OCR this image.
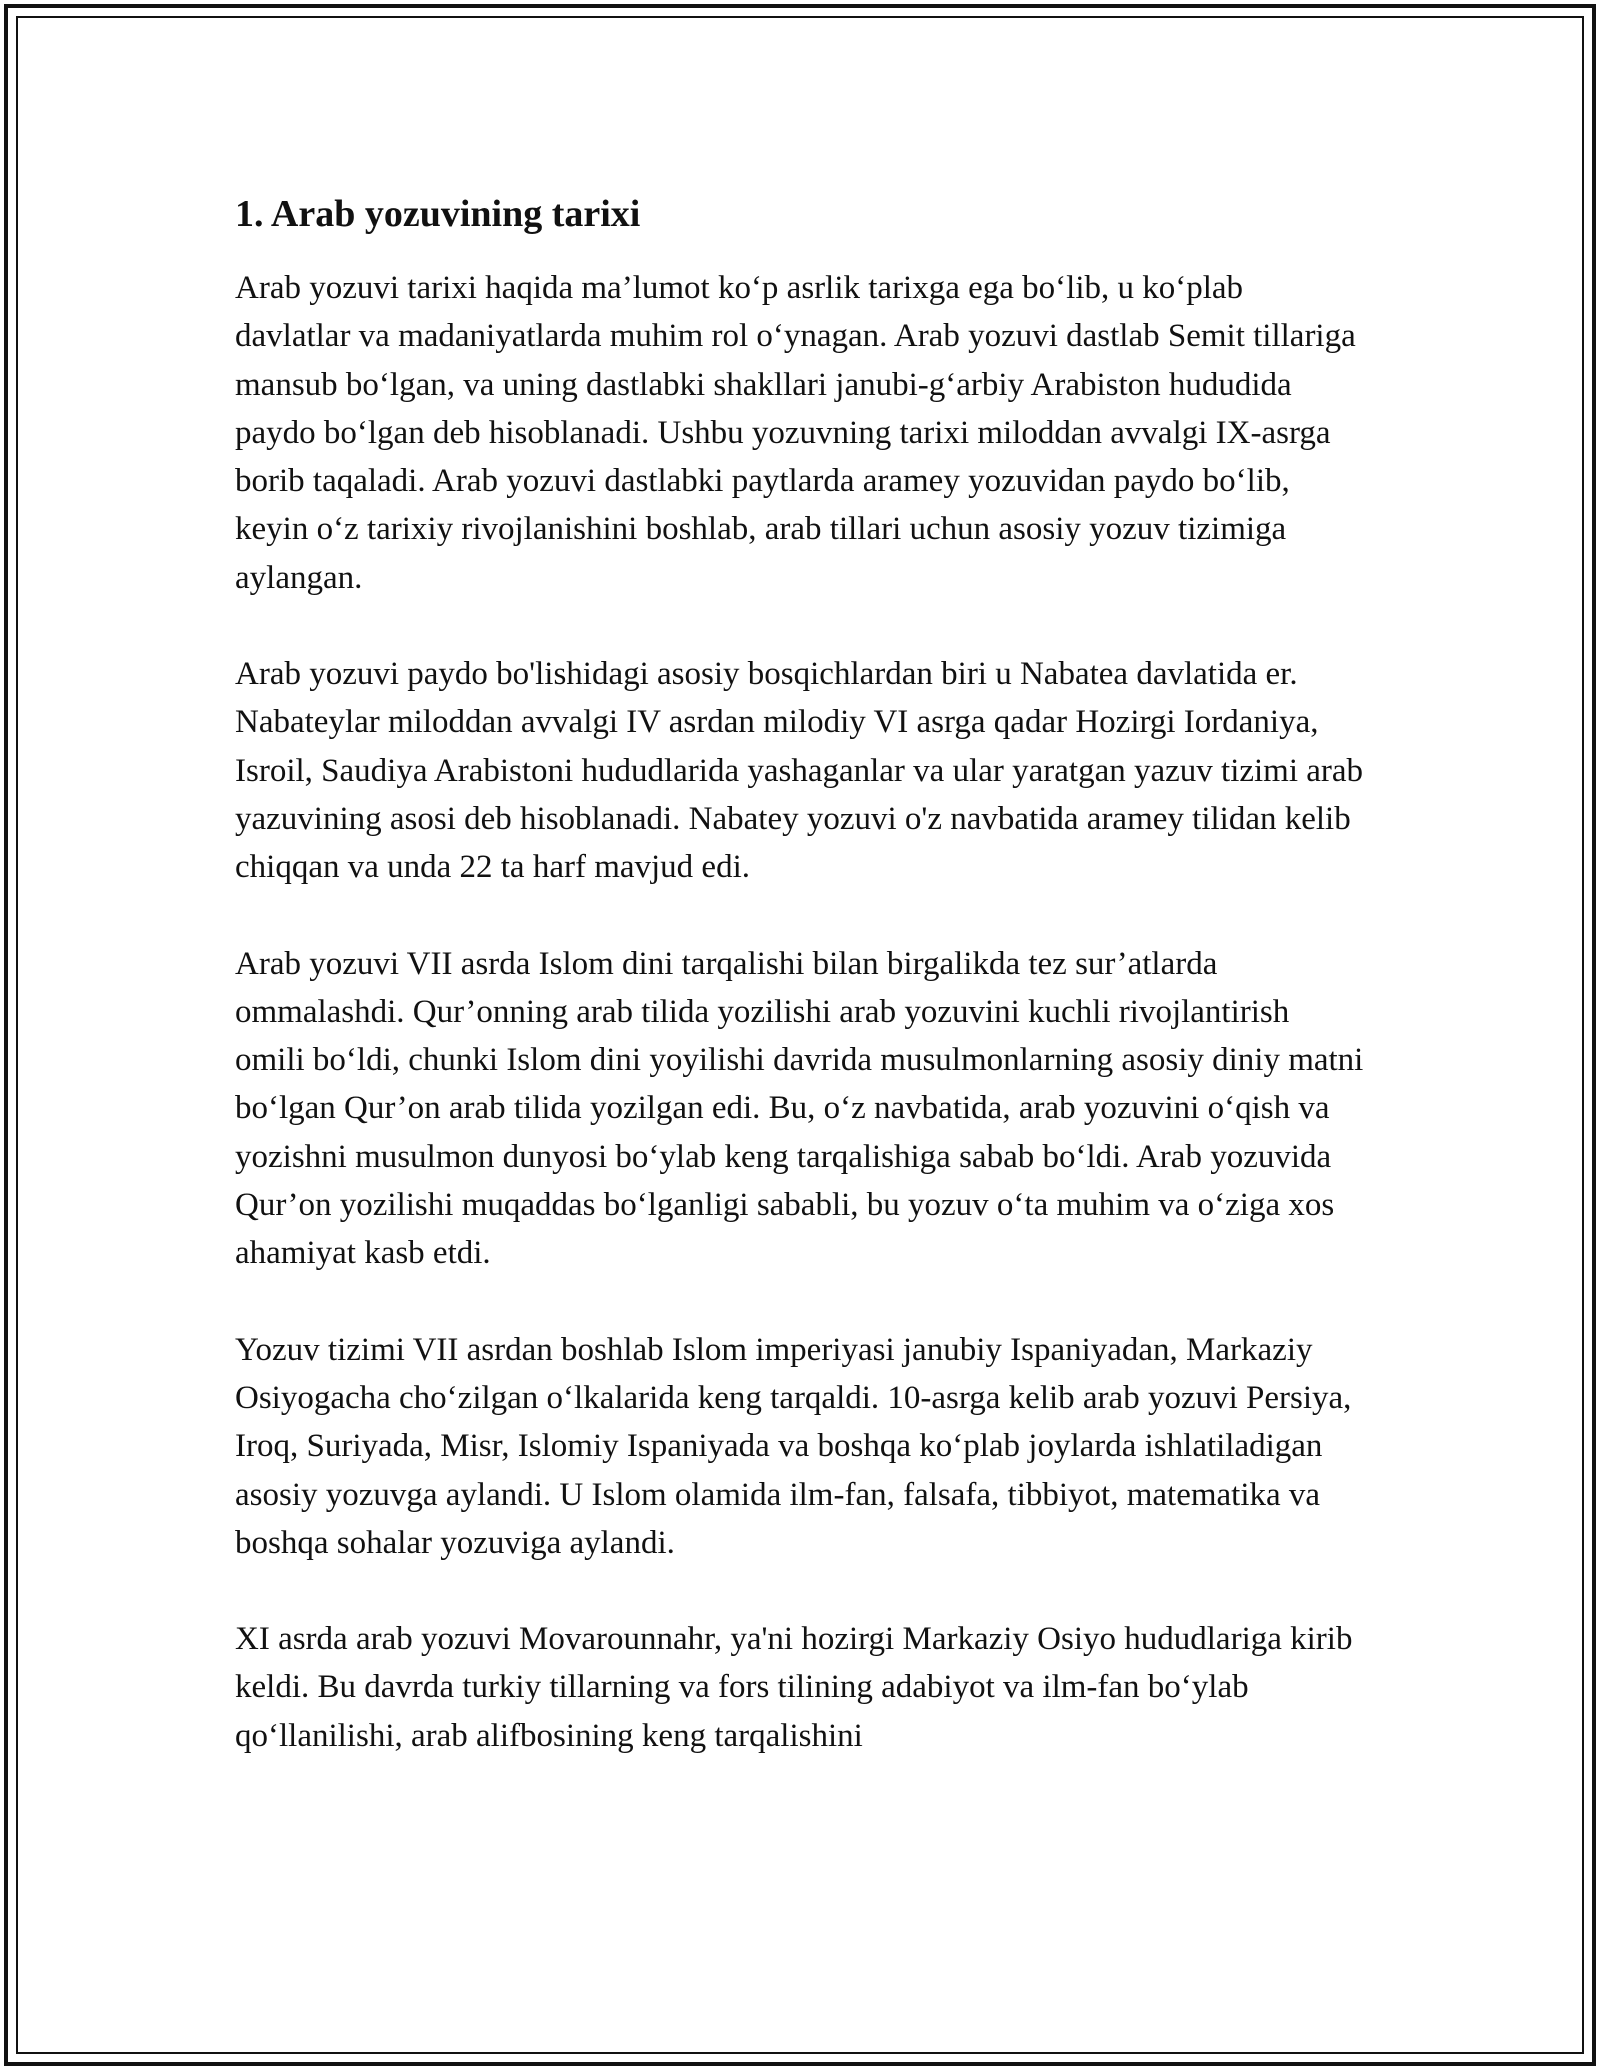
1. Arab yozuvining tarixi

Arab yozuvi tarixi haqida ma’lumot ko‘p asrlik tarixga ega bo‘lib, u ko‘plab davlatlar va madaniyatlarda muhim rol o‘ynagan. Arab yozuvi dastlab Semit tillariga mansub bo‘lgan, va uning dastlabki shakllari janubi-g‘arbiy Arabiston hududida paydo bo‘lgan deb hisoblanadi. Ushbu yozuvning tarixi miloddan avvalgi IX-asrga borib taqaladi. Arab yozuvi dastlabki paytlarda aramey yozuvidan paydo bo‘lib, keyin o‘z tarixiy rivojlanishini boshlab, arab tillari uchun asosiy yozuv tizimiga aylangan.

Arab yozuvi paydo bo'lishidagi asosiy bosqichlardan biri u Nabatea davlatida er. Nabateylar miloddan avvalgi IV asrdan milodiy VI asrga qadar Hozirgi Iordaniya, Isroil, Saudiya Arabistoni hududlarida yashaganlar va ular yaratgan yazuv tizimi arab yazuvining asosi deb hisoblanadi. Nabatey yozuvi o'z navbatida aramey tilidan kelib chiqqan va unda 22 ta harf mavjud edi.

Arab yozuvi VII asrda Islom dini tarqalishi bilan birgalikda tez sur’atlarda ommalashdi. Qur’onning arab tilida yozilishi arab yozuvini kuchli rivojlantirish omili bo‘ldi, chunki Islom dini yoyilishi davrida musulmonlarning asosiy diniy matni bo‘lgan Qur’on arab tilida yozilgan edi. Bu, o‘z navbatida, arab yozuvini o‘qish va yozishni musulmon dunyosi bo‘ylab keng tarqalishiga sabab bo‘ldi. Arab yozuvida Qur’on yozilishi muqaddas bo‘lganligi sababli, bu yozuv o‘ta muhim va o‘ziga xos ahamiyat kasb etdi.

Yozuv tizimi VII asrdan boshlab Islom imperiyasi janubiy Ispaniyadan, Markaziy Osiyogacha cho‘zilgan o‘lkalarida keng tarqaldi. 10-asrga kelib arab yozuvi Persiya, Iroq, Suriyada, Misr, Islomiy Ispaniyada va boshqa ko‘plab joylarda ishlatiladigan asosiy yozuvga aylandi. U Islom olamida ilm-fan, falsafa, tibbiyot, matematika va boshqa sohalar yozuviga aylandi.

XI asrda arab yozuvi Movarounnahr, ya'ni hozirgi Markaziy Osiyo hududlariga kirib keldi. Bu davrda turkiy tillarning va fors tilining adabiyot va ilm-fan bo‘ylab qo‘llanilishi, arab alifbosining keng tarqalishini
